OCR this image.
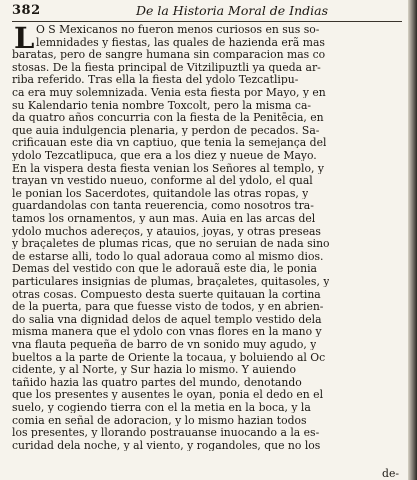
382	De la Historia Moral de Indias
L O S Mexicanos no fueron menos curiosos en sus so-
lemnidades y fiestas, las quales de hazienda erã mas
baratas, pero de sangre humana sin comparacion mas co
stosas. De la fiesta principal de Vitzilipuztli ya queda ar-
riba referido. Tras ella la fiesta del ydolo Tezcatlipu-
ca era muy solemnizada. Venia esta fiesta por Mayo, y en
su Kalendario tenia nombre Toxcolt, pero la misma ca-
da quatro años concurria con la fiesta de la Penitēcia, en
que auia indulgencia plenaria, y perdon de pecados. Sa-
crificauan este dia vn captiuo, que tenia la semejança del
ydolo Tezcatlipuca, que era a los diez y nueue de Mayo.
En la vispera desta fiesta venian los Señores al templo, y
trayan vn vestido nueuo, conforme al del ydolo, el qual
le ponian los Sacerdotes, quitandole las otras ropas, y
guardandolas con tanta reuerencia, como nosotros tra-
tamos los ornamentos, y aun mas. Auia en las arcas del
ydolo muchos adereços, y atauios, joyas, y otras preseas
y braçaletes de plumas ricas, que no seruian de nada sino
de estarse alli, todo lo qual adoraua como al mismo dios.
Demas del vestido con que le adorauã este dia, le ponia
particulares insignias de plumas, braçaletes, quitasoles, y
otras cosas. Compuesto desta suerte quitauan la cortina
de la puerta, para que fuesse visto de todos, y en abrien-
do salia vna dignidad delos de aquel templo vestido dela
misma manera que el ydolo con vnas flores en la mano y
vna flauta pequeña de barro de vn sonido muy agudo, y
bueltos a la parte de Oriente la tocaua, y boluiendo al Oc
cidente, y al Norte, y Sur hazia lo mismo. Y auiendo
tañido hazia las quatro partes del mundo, denotando
que los presentes y ausentes le oyan, ponia el dedo en el
suelo, y cogiendo tierra con el la metia en la boca, y la
comia en señal de adoracion, y lo mismo hazian todos
los presentes, y llorando postrauanse inuocando a la es-
curidad dela noche, y al viento, y rogandoles, que no los
de-
